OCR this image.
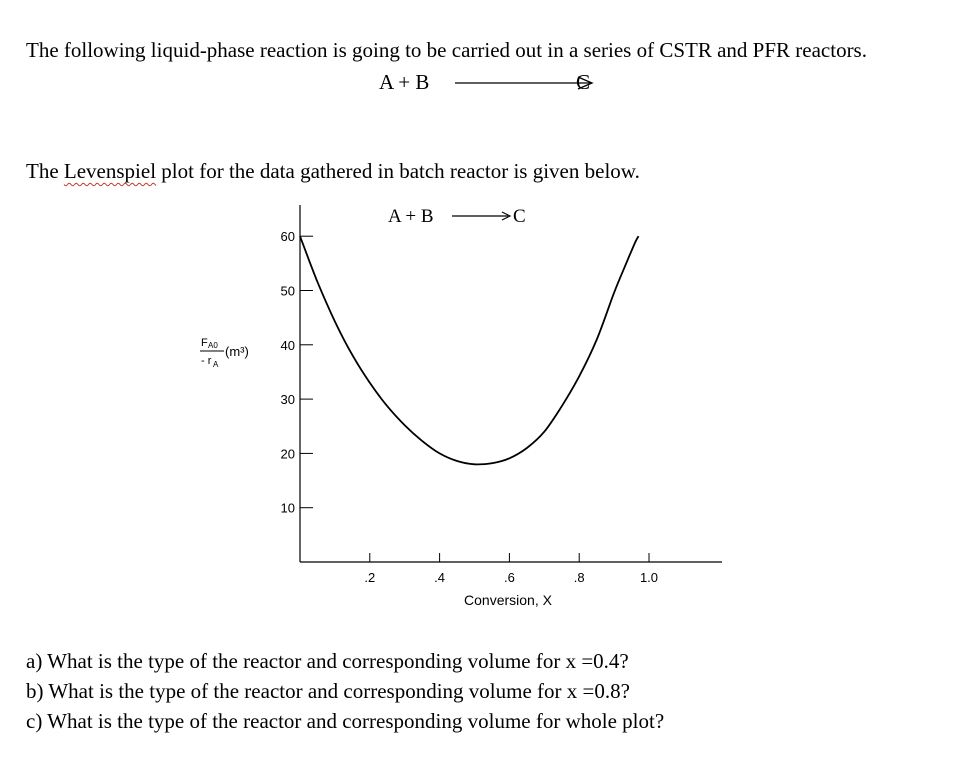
The following liquid-phase reaction is going to be carried out in a series of CSTR and PFR reactors.
A + B	C
The Levenspiel plot for the data gathered in batch reactor is given below.
A + B	C
10
20
30
40
50
60
.2	.4	.6	.8	1.0
F A0
- r A
(m³)
Conversion, X
a) What is the type of the reactor and corresponding volume for x =0.4?
b) What is the type of the reactor and corresponding volume for x =0.8?
c) What is the type of the reactor and corresponding volume for whole plot?
